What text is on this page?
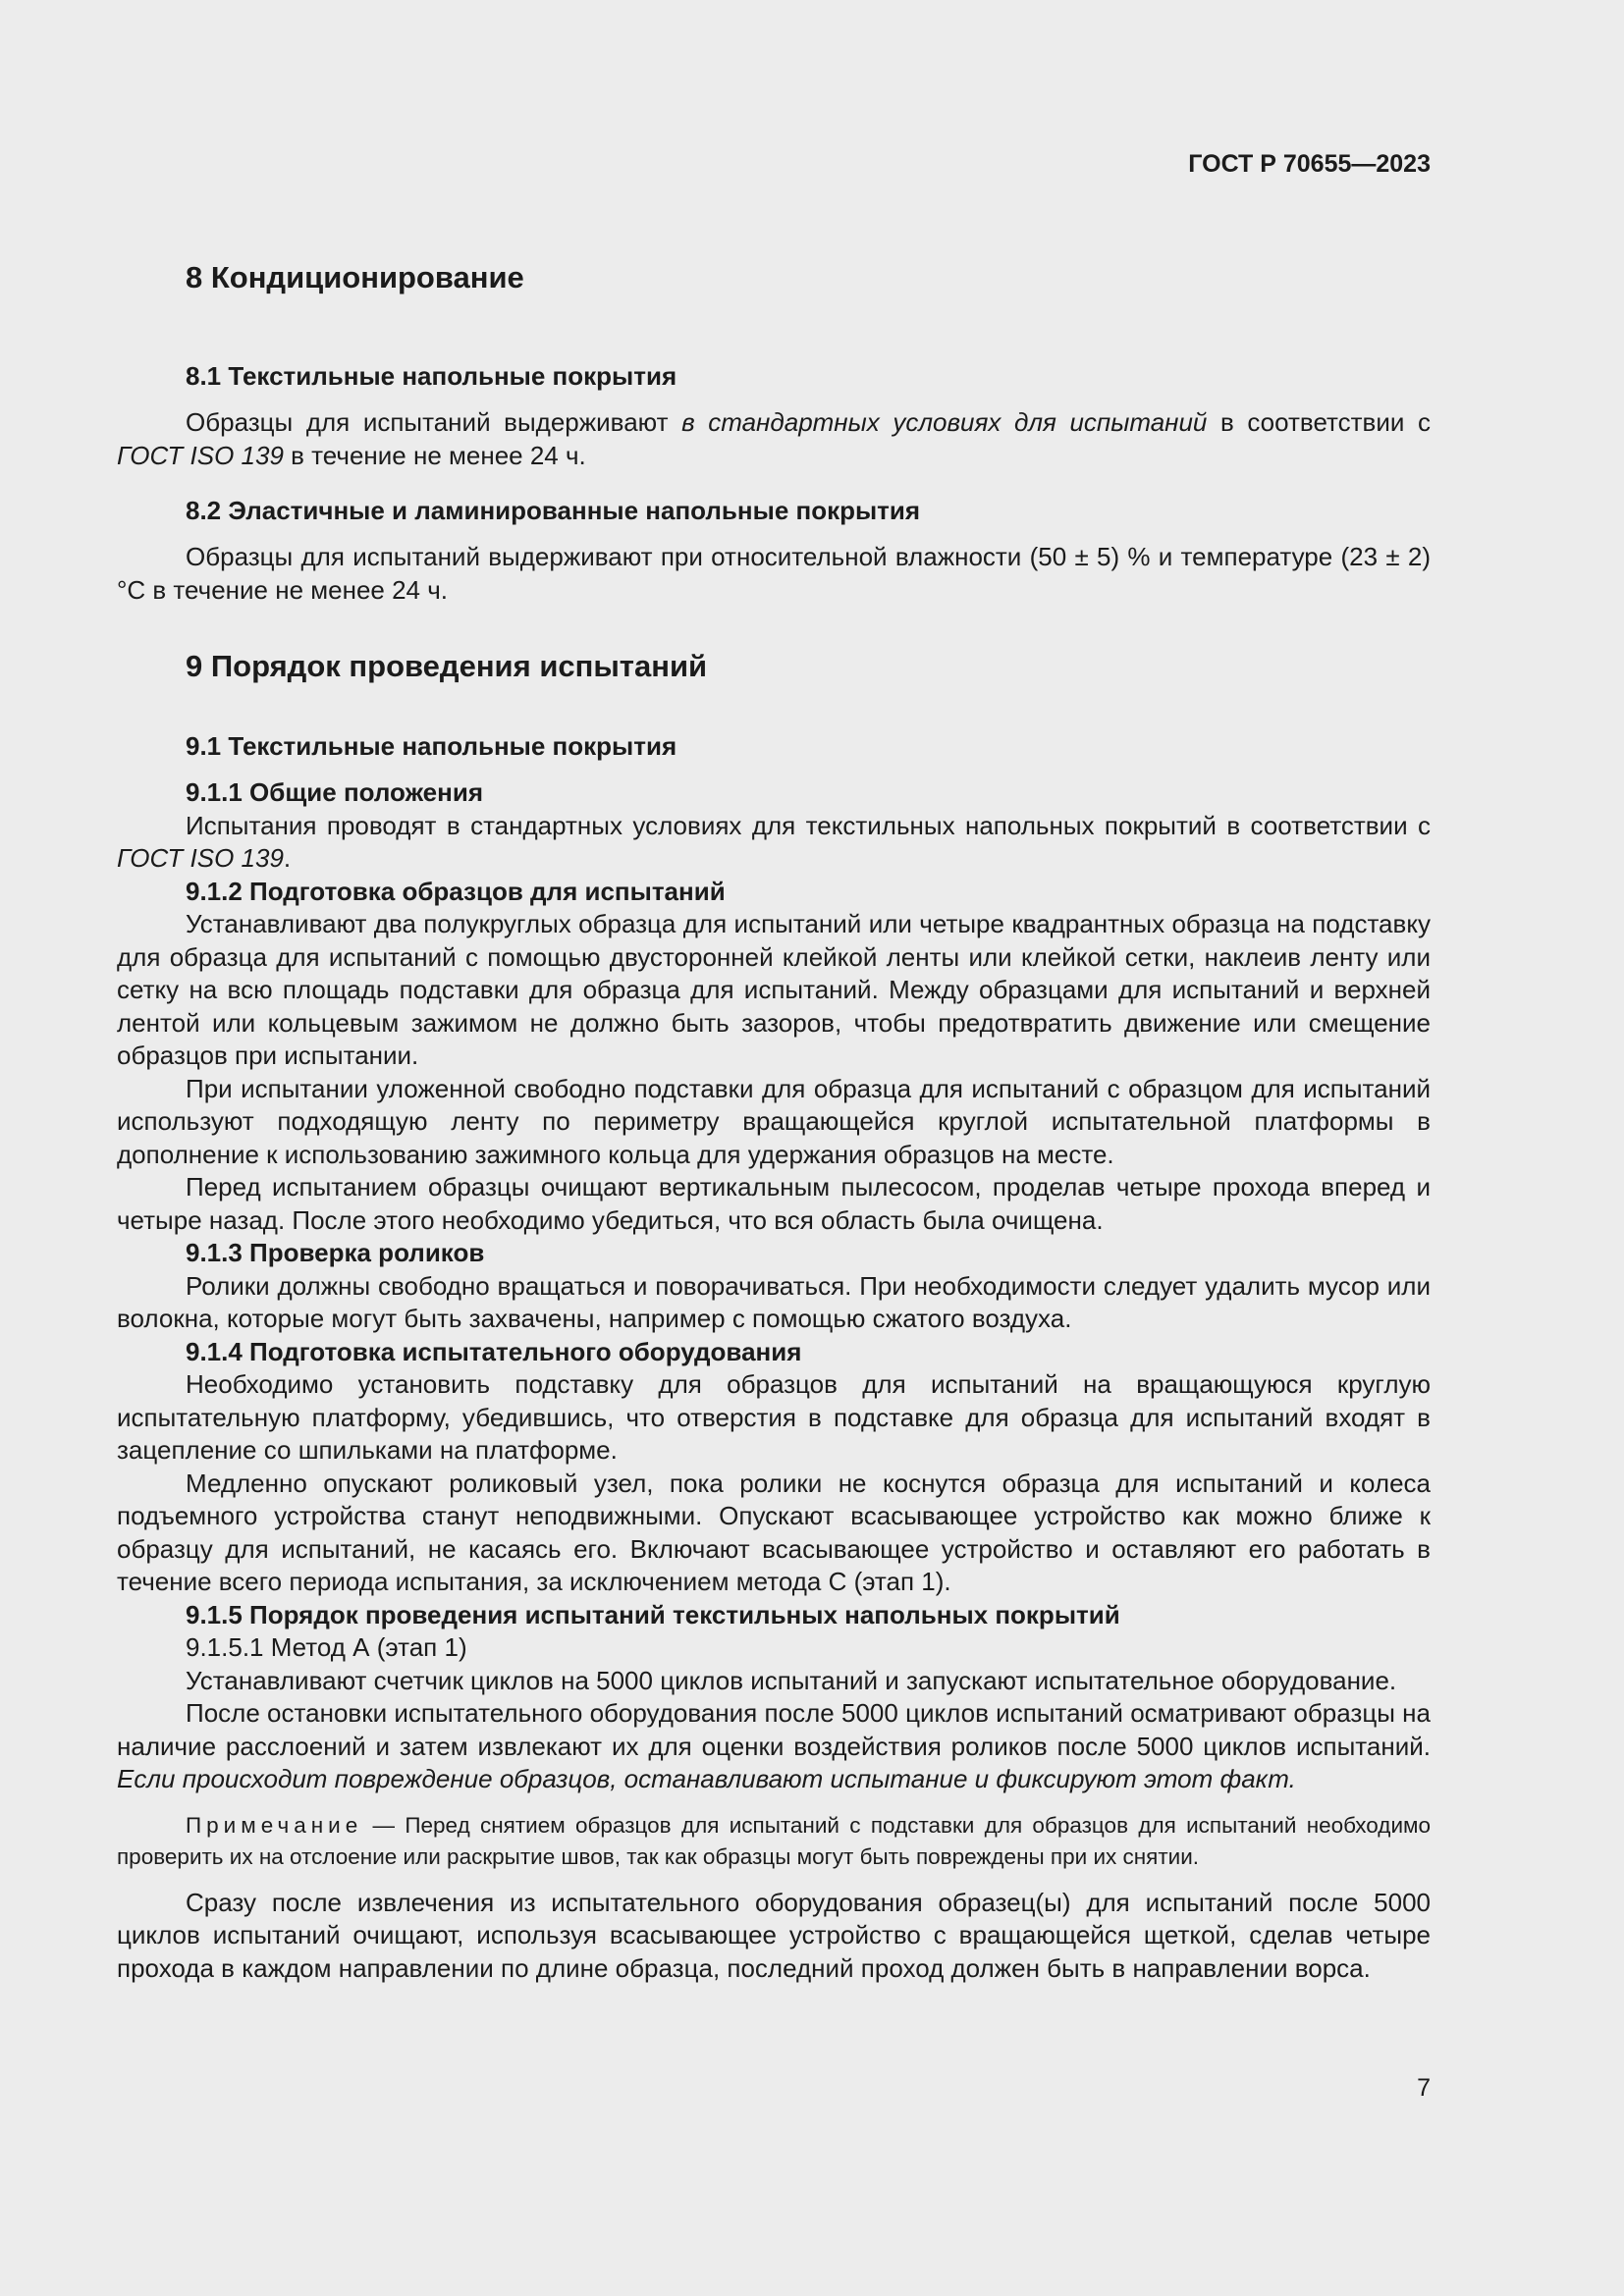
ГОСТ Р 70655—2023
8 Кондиционирование
8.1 Текстильные напольные покрытия

Образцы для испытаний выдерживают в стандартных условиях для испытаний в соответствии с ГОСТ ISO 139 в течение не менее 24 ч.

8.2 Эластичные и ламинированные напольные покрытия

Образцы для испытаний выдерживают при относительной влажности (50 ± 5) % и температуре (23 ± 2) °C в течение не менее 24 ч.

9 Порядок проведения испытаний
9.1 Текстильные напольные покрытия
9.1.1 Общие положения

Испытания проводят в стандартных условиях для текстильных напольных покрытий в соответствии с ГОСТ ISO 139.

9.1.2 Подготовка образцов для испытаний

Устанавливают два полукруглых образца для испытаний или четыре квадрантных образца на подставку для образца для испытаний с помощью двусторонней клейкой ленты или клейкой сетки, наклеив ленту или сетку на всю площадь подставки для образца для испытаний. Между образцами для испытаний и верхней лентой или кольцевым зажимом не должно быть зазоров, чтобы предотвратить движение или смещение образцов при испытании.

При испытании уложенной свободно подставки для образца для испытаний с образцом для испытаний используют подходящую ленту по периметру вращающейся круглой испытательной платформы в дополнение к использованию зажимного кольца для удержания образцов на месте.

Перед испытанием образцы очищают вертикальным пылесосом, проделав четыре прохода вперед и четыре назад. После этого необходимо убедиться, что вся область была очищена.

9.1.3 Проверка роликов

Ролики должны свободно вращаться и поворачиваться. При необходимости следует удалить мусор или волокна, которые могут быть захвачены, например с помощью сжатого воздуха.

9.1.4 Подготовка испытательного оборудования

Необходимо установить подставку для образцов для испытаний на вращающуюся круглую испытательную платформу, убедившись, что отверстия в подставке для образца для испытаний входят в зацепление со шпильками на платформе.

Медленно опускают роликовый узел, пока ролики не коснутся образца для испытаний и колеса подъемного устройства станут неподвижными. Опускают всасывающее устройство как можно ближе к образцу для испытаний, не касаясь его. Включают всасывающее устройство и оставляют его работать в течение всего периода испытания, за исключением метода C (этап 1).

9.1.5 Порядок проведения испытаний текстильных напольных покрытий

9.1.5.1 Метод А (этап 1)

Устанавливают счетчик циклов на 5000 циклов испытаний и запускают испытательное оборудование.

После остановки испытательного оборудования после 5000 циклов испытаний осматривают образцы на наличие расслоений и затем извлекают их для оценки воздействия роликов после 5000 циклов испытаний. Если происходит повреждение образцов, останавливают испытание и фиксируют этот факт.

Примечание — Перед снятием образцов для испытаний с подставки для образцов для испытаний необходимо проверить их на отслоение или раскрытие швов, так как образцы могут быть повреждены при их снятии.

Сразу после извлечения из испытательного оборудования образец(ы) для испытаний после 5000 циклов испытаний очищают, используя всасывающее устройство с вращающейся щеткой, сделав четыре прохода в каждом направлении по длине образца, последний проход должен быть в направлении ворса.

7
